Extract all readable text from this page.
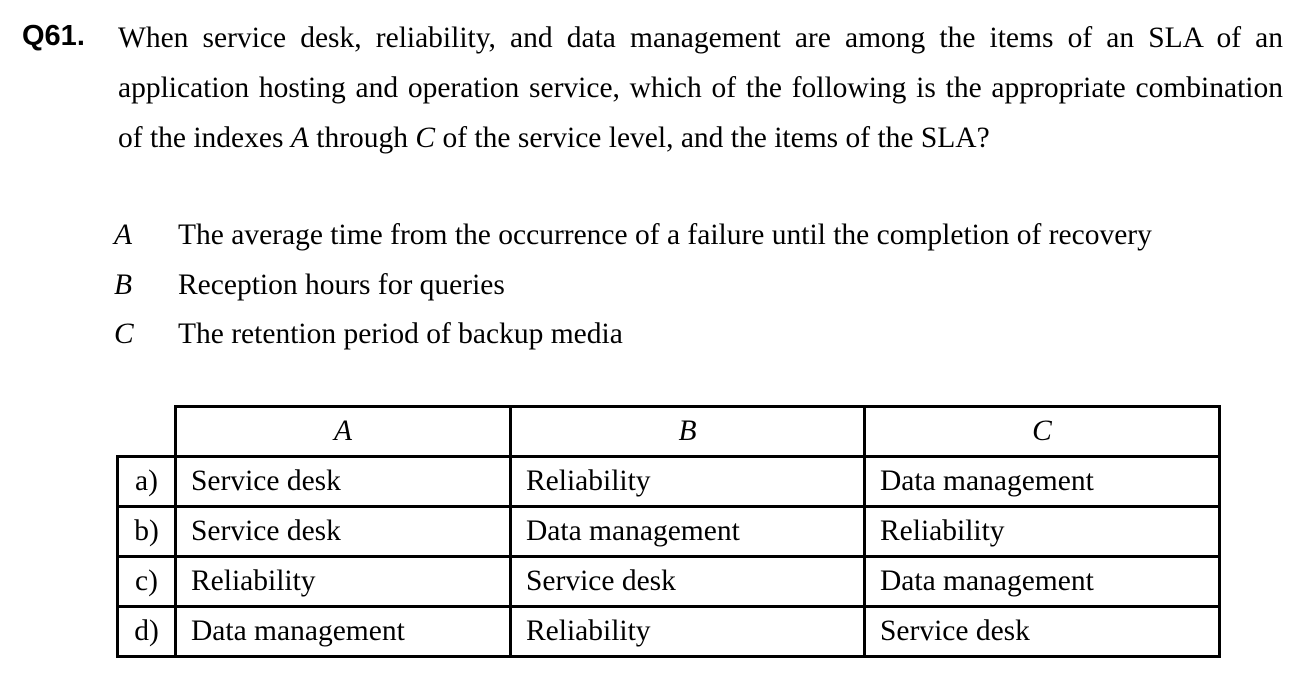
Q61. When service desk, reliability, and data management are among the items of an SLA of an application hosting and operation service, which of the following is the appropriate combination of the indexes A through C of the service level, and the items of the SLA?
A The average time from the occurrence of a failure until the completion of recovery
B Reception hours for queries
C The retention period of backup media
	A	B	C
a)	Service desk	Reliability	Data management
b)	Service desk	Data management	Reliability
c)	Reliability	Service desk	Data management
d)	Data management	Reliability	Service desk
